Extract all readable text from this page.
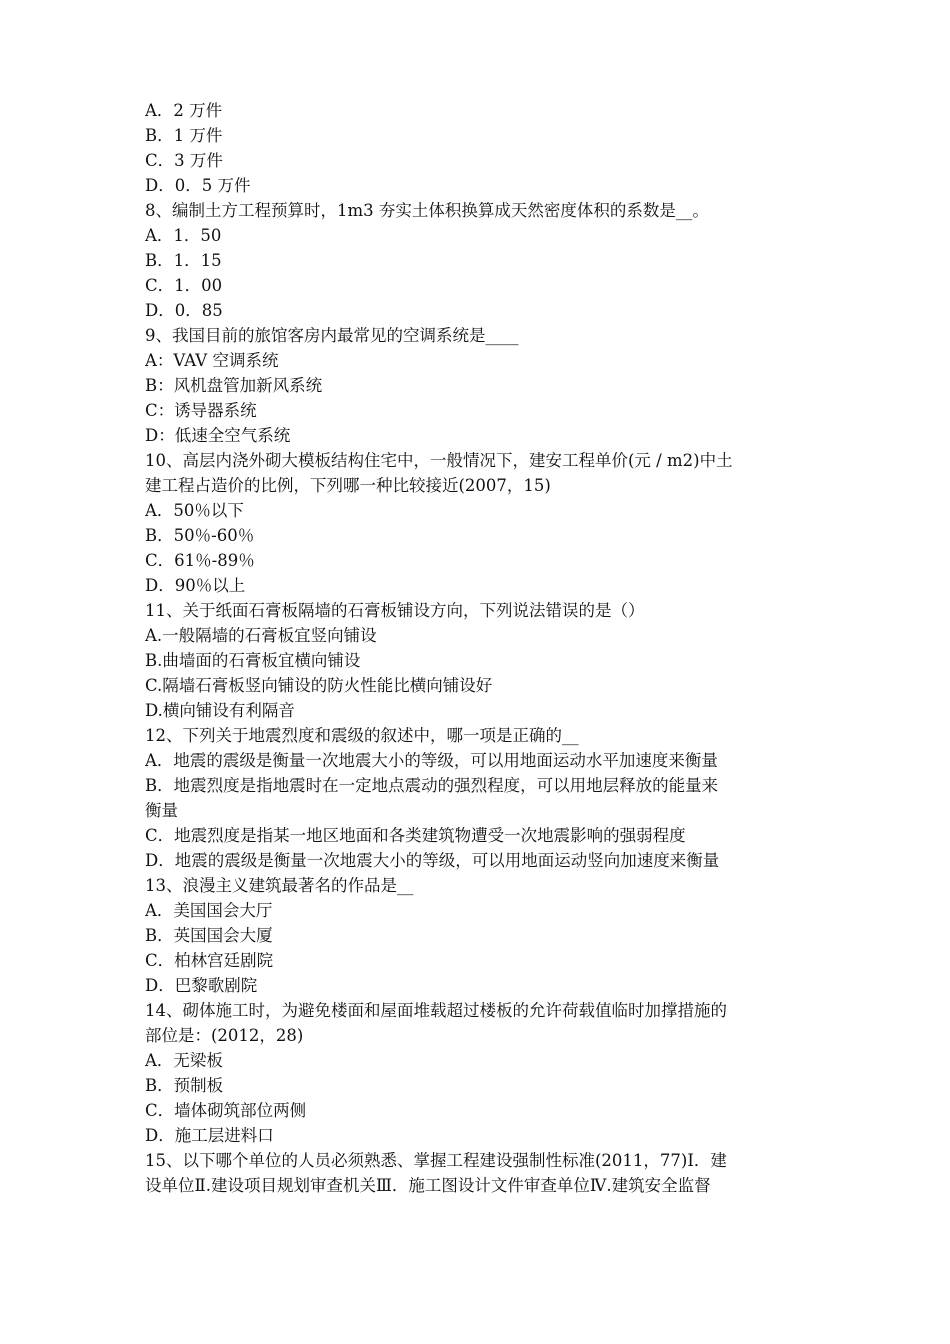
A．2 万件
B．1 万件
C．3 万件
D．0．5 万件
8、编制土方工程预算时，1m3 夯实土体积换算成天然密度体积的系数是__。
A．1．50
B．1．15
C．1．00
D．0．85
9、我国目前的旅馆客房内最常见的空调系统是____
A：VAV 空调系统
B：风机盘管加新风系统
C：诱导器系统
D：低速全空气系统
10、高层内浇外砌大模板结构住宅中，一般情况下，建安工程单价(元 / m2)中土
建工程占造价的比例，下列哪一种比较接近(2007，15)
A．50％以下
B．50％-60％
C．61％-89％
D．90％以上
11、关于纸面石膏板隔墙的石膏板铺设方向，下列说法错误的是（）
A.一般隔墙的石膏板宜竖向铺设
B.曲墙面的石膏板宜横向铺设
C.隔墙石膏板竖向铺设的防火性能比横向铺设好
D.横向铺设有利隔音
12、下列关于地震烈度和震级的叙述中，哪一项是正确的__
A．地震的震级是衡量一次地震大小的等级，可以用地面运动水平加速度来衡量
B．地震烈度是指地震时在一定地点震动的强烈程度，可以用地层释放的能量来
衡量
C．地震烈度是指某一地区地面和各类建筑物遭受一次地震影响的强弱程度
D．地震的震级是衡量一次地震大小的等级，可以用地面运动竖向加速度来衡量
13、浪漫主义建筑最著名的作品是__
A．美国国会大厅
B．英国国会大厦
C．柏林宫廷剧院
D．巴黎歌剧院
14、砌体施工时，为避免楼面和屋面堆载超过楼板的允许荷载值临时加撑措施的
部位是：(2012，28)
A．无梁板
B．预制板
C．墙体砌筑部位两侧
D．施工层进料口
15、以下哪个单位的人员必须熟悉、掌握工程建设强制性标准(2011，77)Ⅰ．建
设单位Ⅱ.建设项目规划审查机关Ⅲ．施工图设计文件审查单位Ⅳ.建筑安全监督
